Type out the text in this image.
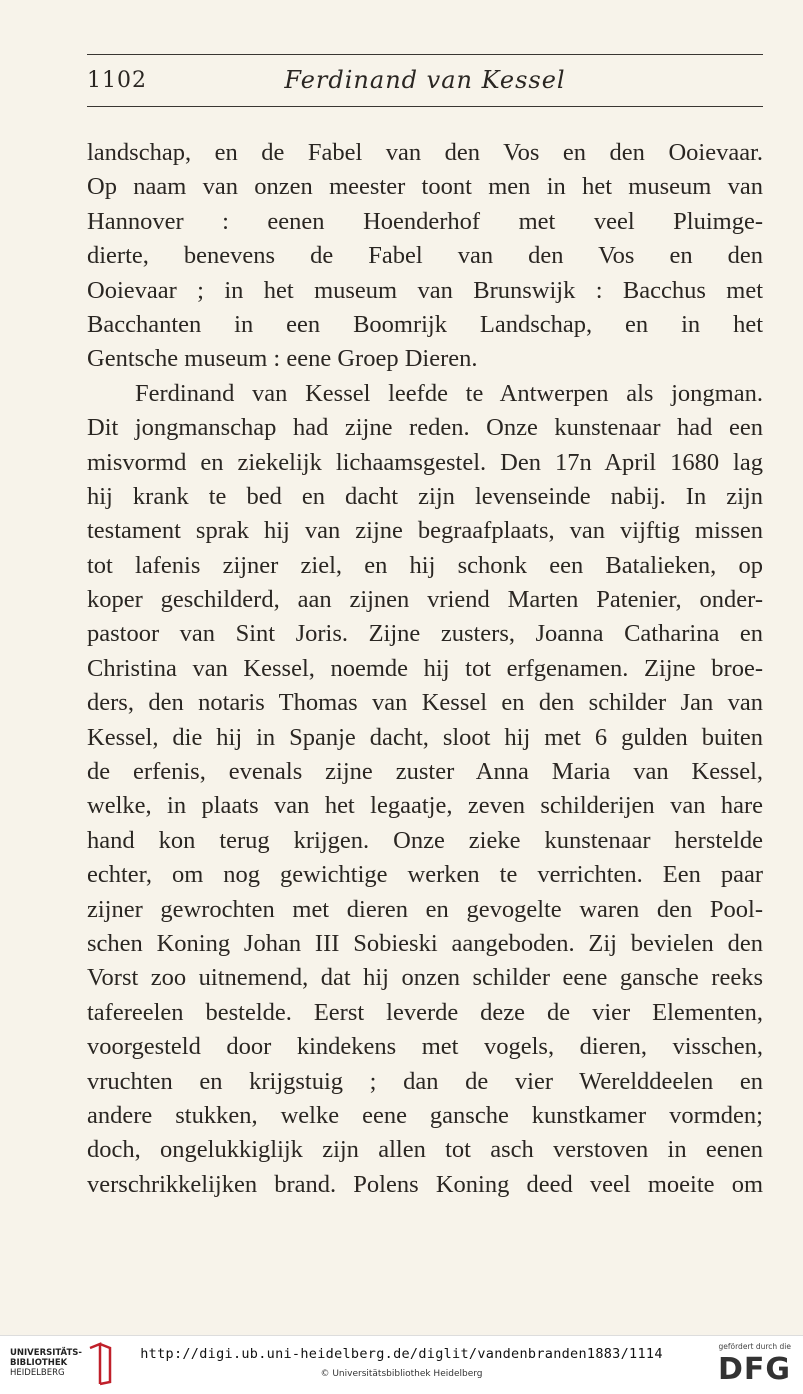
1102	Ferdinand van Kessel
landschap, en de Fabel van den Vos en den Ooievaar.
Op naam van onzen meester toont men in het museum van
Hannover : eenen Hoenderhof met veel Pluimge-
dierte, benevens de Fabel van den Vos en den
Ooievaar ; in het museum van Brunswijk : Bacchus met
Bacchanten in een Boomrijk Landschap, en in het
Gentsche museum : eene Groep Dieren.
Ferdinand van Kessel leefde te Antwerpen als jongman.
Dit jongmanschap had zijne reden. Onze kunstenaar had een
misvormd en ziekelijk lichaamsgestel. Den 17n April 1680 lag
hij krank te bed en dacht zijn levenseinde nabij. In zijn
testament sprak hij van zijne begraafplaats, van vijftig missen
tot lafenis zijner ziel, en hij schonk een Batalieken, op
koper geschilderd, aan zijnen vriend Marten Patenier, onder-
pastoor van Sint Joris. Zijne zusters, Joanna Catharina en
Christina van Kessel, noemde hij tot erfgenamen. Zijne broe-
ders, den notaris Thomas van Kessel en den schilder Jan van
Kessel, die hij in Spanje dacht, sloot hij met 6 gulden buiten
de erfenis, evenals zijne zuster Anna Maria van Kessel,
welke, in plaats van het legaatje, zeven schilderijen van hare
hand kon terug krijgen. Onze zieke kunstenaar herstelde
echter, om nog gewichtige werken te verrichten. Een paar
zijner gewrochten met dieren en gevogelte waren den Pool-
schen Koning Johan III Sobieski aangeboden. Zij bevielen den
Vorst zoo uitnemend, dat hij onzen schilder eene gansche reeks
tafereelen bestelde. Eerst leverde deze de vier Elementen,
voorgesteld door kindekens met vogels, dieren, visschen,
vruchten en krijgstuig ; dan de vier Werelddeelen en
andere stukken, welke eene gansche kunstkamer vormden;
doch, ongelukkiglijk zijn allen tot asch verstoven in eenen
verschrikkelijken brand. Polens Koning deed veel moeite om
UNIVERSITÄTS-
BIBLIOTHEK
HEIDELBERG
http://digi.ub.uni-heidelberg.de/diglit/vandenbranden1883/1114
© Universitätsbibliothek Heidelberg
gefördert durch die
DFG
